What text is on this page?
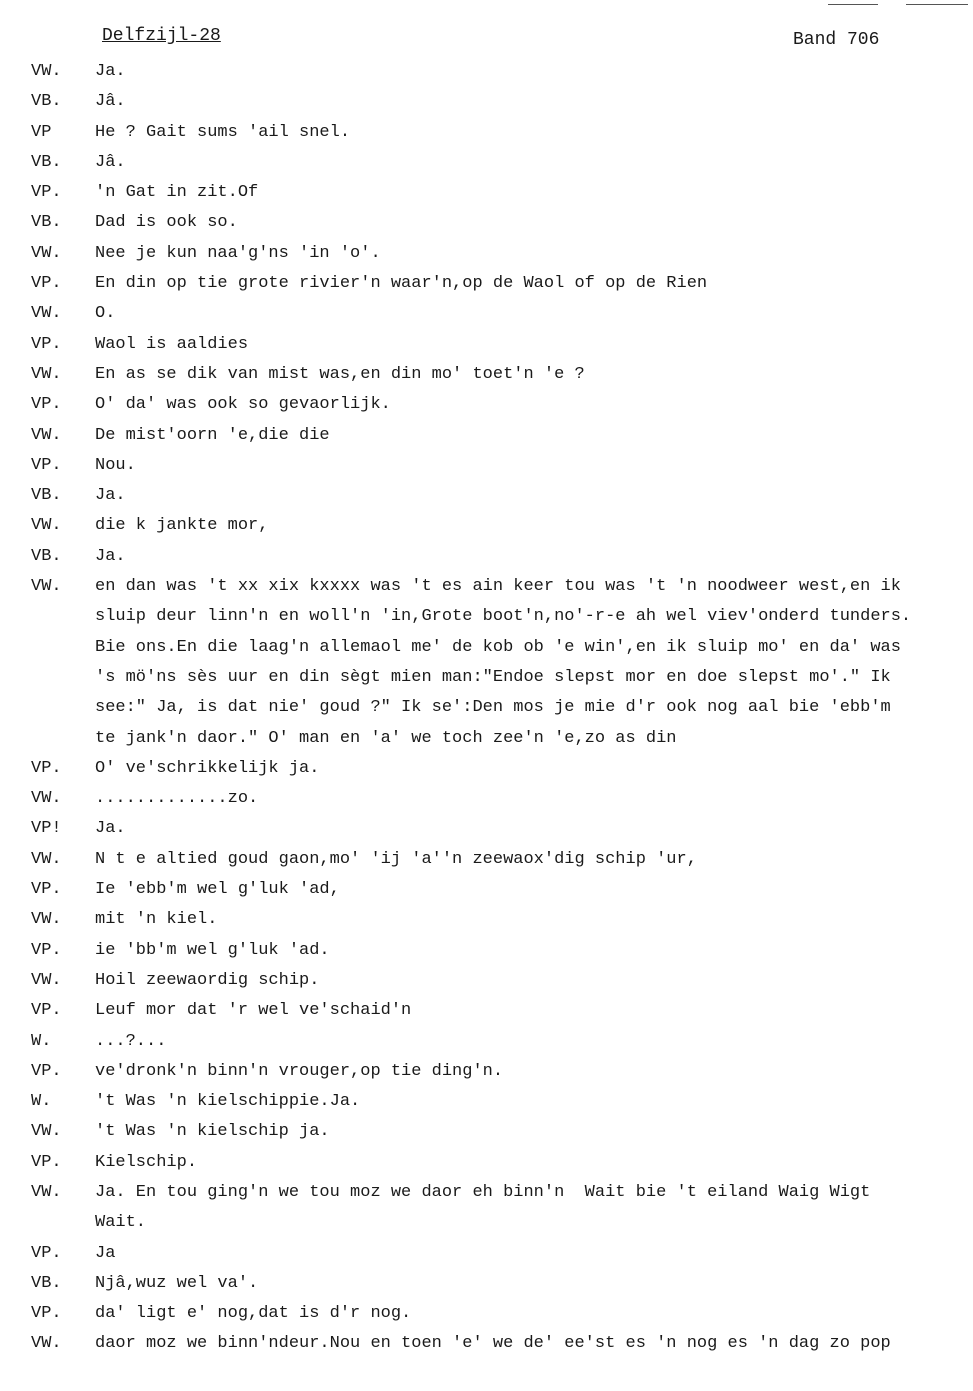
Delfzijl-28	Band 706
VW. Ja.
VB. Jâ.
VP	He ? Gait sums 'ail snel.
VB. Jâ.
VP. 'n Gat in zit.Of
VB. Dad is ook so.
VW. Nee je kun naa'g'ns 'in 'o'.
VP. En din op tie grote rivier'n waar'n,op de Waol of op de Rien
VW. O.
VP. Waol is aaldies
VW. En as se dik van mist was,en din mo' toet'n 'e ?
VP. O' da' was ook so gevaorlijk.
VW. De mist'oorn 'e,die die
VP. Nou.
VB. Ja.
VW. die k jankte mor,
VB. Ja.
VW. en dan was 't xx xix kxxxx was 't es ain keer tou was 't 'n noodweer west,en ik
sluip deur linn'n en woll'n 'in,Grote boot'n,no'-r-e ah wel viev'onderd tunders.
Bie ons.En die laag'n allemaol me' de kob ob 'e win',en ik sluip mo' en da' was
's mö'ns sès uur en din sègt mien man:"Endoe slepst mor en doe slepst mo'." Ik
see:" Ja, is dat nie' goud ?" Ik se':Den mos je mie d'r ook nog aal bie 'ebb'm
te jank'n daor." O' man en 'a' we toch zee'n 'e,zo as din
VP. O' ve'schrikkelijk ja.
VW. .............zo.
VP! Ja.
VW. N t e altied goud gaon,mo' 'ij 'a''n zeewaox'dig schip 'ur,
VP. Ie 'ebb'm wel g'luk 'ad,
VW. mit 'n kiel.
VP. ie 'bb'm wel g'luk 'ad.
VW. Hoil zeewaordig schip.
VP. Leuf mor dat 'r wel ve'schaid'n
W.	...?...
VP. ve'dronk'n binn'n vrouger,op tie ding'n.
W.	't Was 'n kielschippie.Ja.
VW. 't Was 'n kielschip ja.
VP. Kielschip.
VW. Ja. En tou ging'n we tou moz we daor eh binn'n  Wait bie 't eiland Waig Wigt
Wait.
VP. Ja
VB. Njâ,wuz wel va'.
VP. da' ligt e' nog,dat is d'r nog.
VW. daor moz we binn'ndeur.Nou en toen 'e' we de' ee'st es 'n nog es 'n dag zo pop
